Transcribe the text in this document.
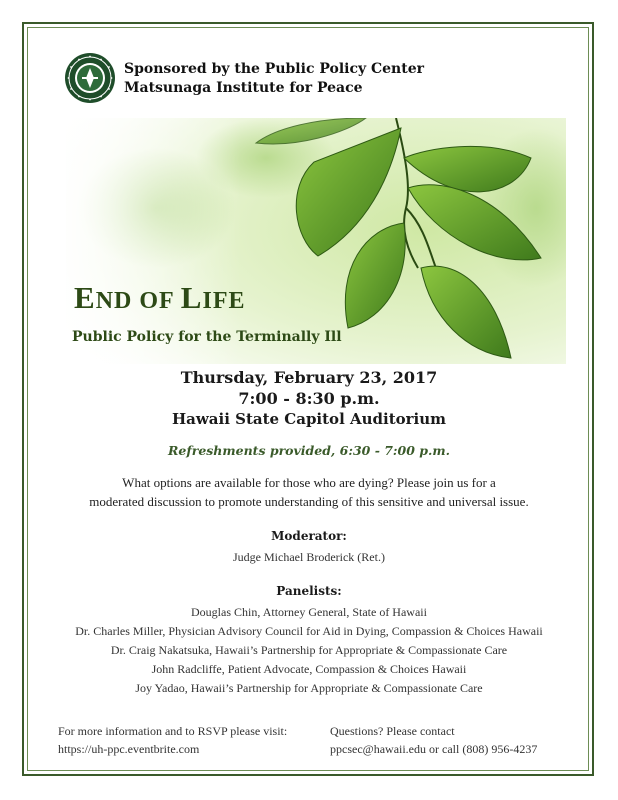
Sponsored by the Public Policy Center
Matsunaga Institute for Peace
END OF LIFE
Public Policy for the Terminally Ill
Thursday, February 23, 2017
7:00 - 8:30 p.m.
Hawaii State Capitol Auditorium
Refreshments provided, 6:30 - 7:00 p.m.

What options are available for those who are dying? Please join us for a

moderated discussion to promote understanding of this sensitive and universal issue.

Moderator:
Judge Michael Broderick (Ret.)
Panelists:
Douglas Chin, Attorney General, State of Hawaii
Dr. Charles Miller, Physician Advisory Council for Aid in Dying, Compassion & Choices Hawaii
Dr. Craig Nakatsuka, Hawaii’s Partnership for Appropriate & Compassionate Care
John Radcliffe, Patient Advocate, Compassion & Choices Hawaii
Joy Yadao, Hawaii’s Partnership for Appropriate & Compassionate Care
For more information and to RSVP please visit:
https://uh-ppc.eventbrite.com
Questions? Please contact
ppcsec@hawaii.edu or call (808) 956-4237
